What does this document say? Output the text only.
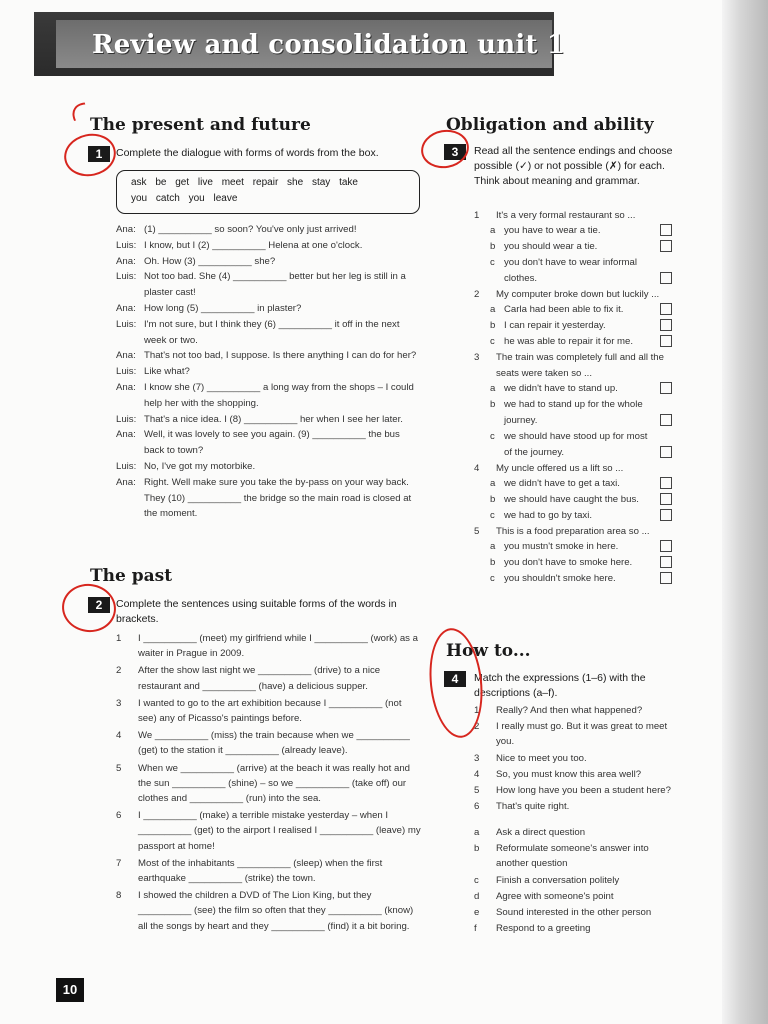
Review and consolidation unit 1
The present and future
1	Complete the dialogue with forms of words from the box.
ask be get live meet repair she stay take
you catch you leave
Ana: (1) __________ so soon? You've only just arrived!
Luis: I know, but I (2) __________ Helena at one o'clock.
Ana: Oh. How (3) __________ she?
Luis: Not too bad. She (4) __________ better but her leg is still in a plaster cast!
Ana: How long (5) __________ in plaster?
Luis: I'm not sure, but I think they (6) __________ it off in the next week or two.
Ana: That's not too bad, I suppose. Is there anything I can do for her?
Luis: Like what?
Ana: I know she (7) __________ a long way from the shops – I could help her with the shopping.
Luis: That's a nice idea. I (8) __________ her when I see her later.
Ana: Well, it was lovely to see you again. (9) __________ the bus back to town?
Luis: No, I've got my motorbike.
Ana: Right. Well make sure you take the by-pass on your way back. They (10) __________ the bridge so the main road is closed at the moment.
The past
2	Complete the sentences using suitable forms of the words in brackets.
1	I __________ (meet) my girlfriend while I __________ (work) as a waiter in Prague in 2009.
2	After the show last night we __________ (drive) to a nice restaurant and __________ (have) a delicious supper.
3	I wanted to go to the art exhibition because I __________ (not see) any of Picasso's paintings before.
4	We __________ (miss) the train because when we __________ (get) to the station it __________ (already leave).
5	When we __________ (arrive) at the beach it was really hot and the sun __________ (shine) – so we __________ (take off) our clothes and __________ (run) into the sea.
6	I __________ (make) a terrible mistake yesterday – when I __________ (get) to the airport I realised I __________ (leave) my passport at home!
7	Most of the inhabitants __________ (sleep) when the first earthquake __________ (strike) the town.
8	I showed the children a DVD of The Lion King, but they __________ (see) the film so often that they __________ (know) all the songs by heart and they __________ (find) it a bit boring.
Obligation and ability
3	Read all the sentence endings and choose possible (✓) or not possible (✗) for each. Think about meaning and grammar.
1	It's a very formal restaurant so ...
a you have to wear a tie.
b you should wear a tie.
c you don't have to wear informal clothes.
2	My computer broke down but luckily ...
a Carla had been able to fix it.
b I can repair it yesterday.
c he was able to repair it for me.
3	The train was completely full and all the seats were taken so ...
a we didn't have to stand up.
b we had to stand up for the whole journey.
c we should have stood up for most of the journey.
4	My uncle offered us a lift so ...
a we didn't have to get a taxi.
b we should have caught the bus.
c we had to go by taxi.
5	This is a food preparation area so ...
a you mustn't smoke in here.
b you don't have to smoke here.
c you shouldn't smoke here.
How to...
4	Match the expressions (1–6) with the descriptions (a–f).
1	Really? And then what happened?
2	I really must go. But it was great to meet you.
3	Nice to meet you too.
4	So, you must know this area well?
5	How long have you been a student here?
6	That's quite right.
a	Ask a direct question
b	Reformulate someone's answer into another question
c	Finish a conversation politely
d	Agree with someone's point
e	Sound interested in the other person
f	Respond to a greeting
10
